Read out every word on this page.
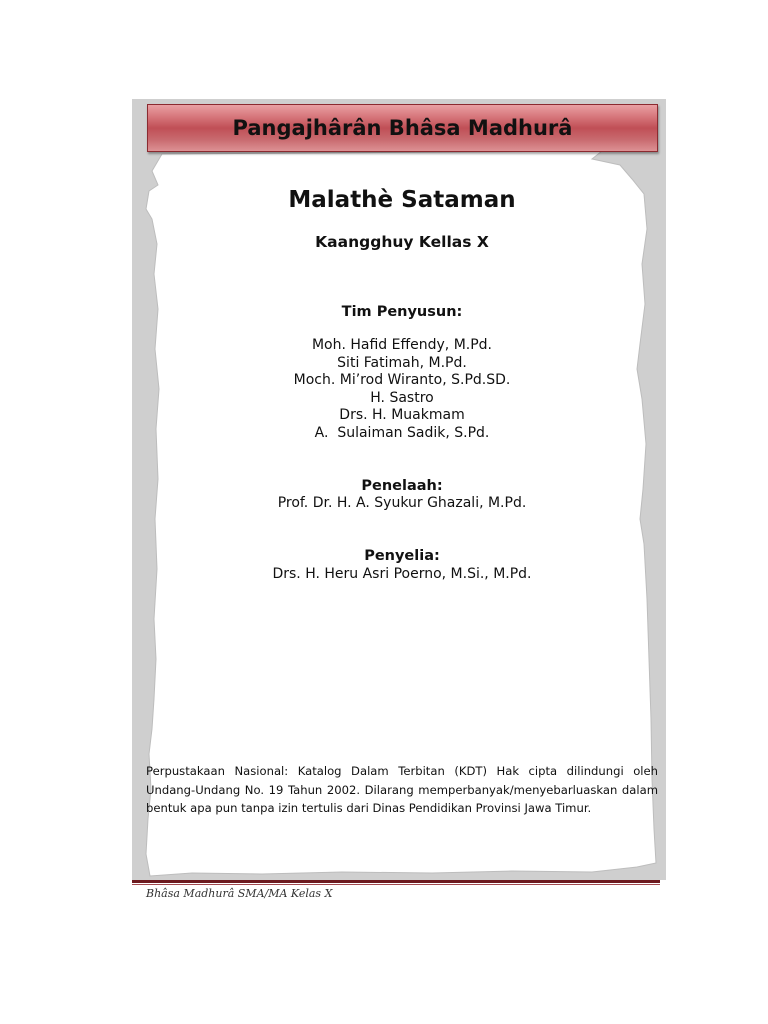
Pangajhârân Bhâsa Madhurâ
Malathè Sataman
Kaangghuy Kellas X
Tim Penyusun:
Moh. Hafid Effendy, M.Pd.
Siti Fatimah, M.Pd.
Moch. Mi’rod Wiranto, S.Pd.SD.
H. Sastro
Drs. H. Muakmam
A.  Sulaiman Sadik, S.Pd.
Penelaah:
Prof. Dr. H. A. Syukur Ghazali, M.Pd.
Penyelia:
Drs. H. Heru Asri Poerno, M.Si., M.Pd.
Perpustakaan Nasional: Katalog Dalam Terbitan (KDT) Hak cipta dilindungi oleh Undang-Undang No. 19 Tahun 2002. Dilarang memperbanyak/menyebarluaskan dalam bentuk apa pun tanpa izin tertulis dari Dinas Pendidikan Provinsi Jawa Timur.
Bhâsa Madhurâ SMA/MA Kelas X
